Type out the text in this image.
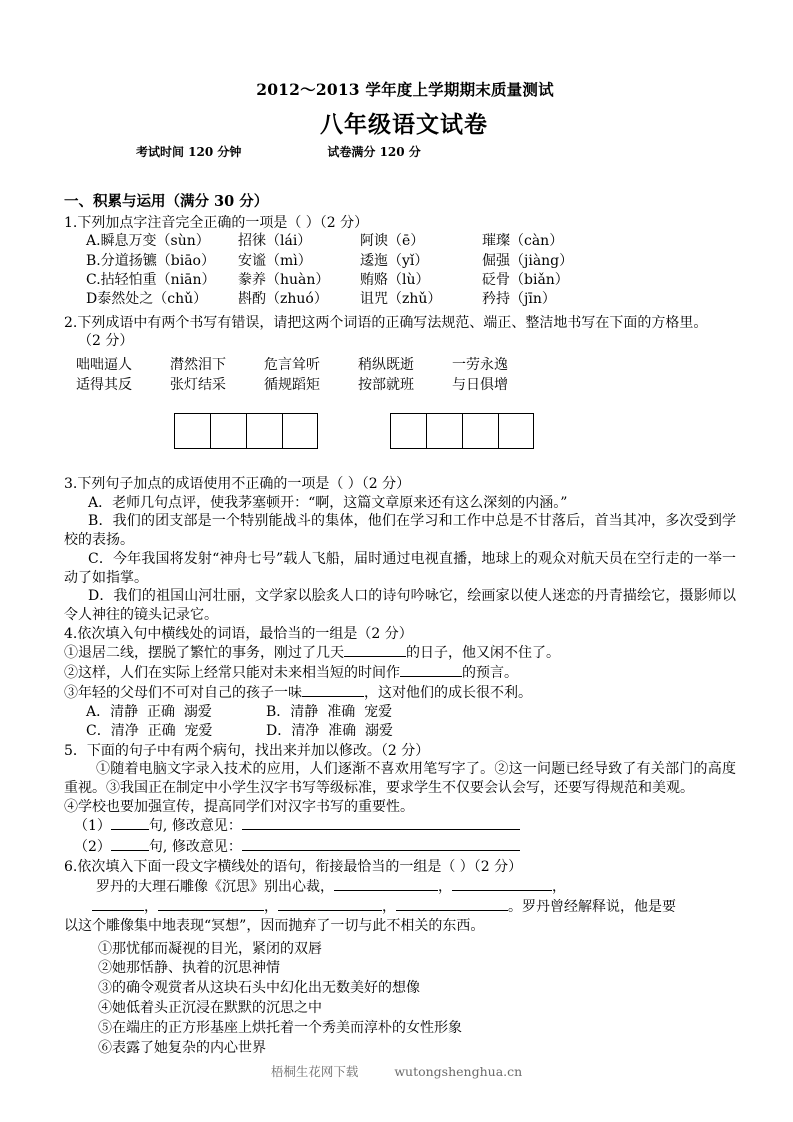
2012～2013 学年度上学期期末质量测试
八年级语文试卷
考试时间 120 分钟	试卷满分 120 分
一、积累与运用（满分 30 分）
1.下列加点字注音完全正确的一项是（ ）（2 分）
A.瞬息万变（sùn） 招徕（lái）	阿谀（ē）	璀璨（càn）
B.分道扬镳（biāo） 安谧（mì）	逶迤（yǐ）	倔强（jiàng）
C.拈轻怕重（niān） 豢养（huàn） 贿赂（lù）	砭骨（biǎn）
D泰然处之（chǔ） 斟酌（zhuó） 诅咒（zhǔ）	矜持（jīn）
2.下列成语中有两个书写有错误，请把这两个词语的正确写法规范、端正、整洁地书写在下面的方格里。
（2 分）
咄咄逼人	潸然泪下	危言耸听	稍纵既逝	一劳永逸
适得其反	张灯结采	循规蹈矩	按部就班	与日俱增
3.下列句子加点的成语使用不正确的一项是（ ）（2 分）
A．老师几句点评，使我茅塞顿开：“啊，这篇文章原来还有这么深刻的内涵。”
B．我们的团支部是一个特别能战斗的集体，他们在学习和工作中总是不甘落后，首当其冲，多次受到学校的表扬。
C．今年我国将发射“神舟七号”载人飞船，届时通过电视直播，地球上的观众对航天员在空行走的一举一动了如指掌。
D．我们的祖国山河壮丽，文学家以脍炙人口的诗句吟咏它，绘画家以使人迷恋的丹青描绘它，摄影师以令人神往的镜头记录它。
4.依次填入句中横线处的词语，最恰当的一组是（2 分）
①退居二线，摆脱了繁忙的事务，刚过了几天	的日子，他又闲不住了。
②这样，人们在实际上经常只能对未来相当短的时间作	的预言。
③年轻的父母们不可对自己的孩子一味	，这对他们的成长很不利。
A．清静  正确  溺爱	B．清静  准确  宠爱
C．清净  正确  宠爱	D．清净  准确  溺爱
5．下面的句子中有两个病句，找出来并加以修改。（2 分）
①随着电脑文字录入技术的应用，人们逐渐不喜欢用笔写字了。②这一问题已经导致了有关部门的高度重视。③我国正在制定中小学生汉字书写等级标准，要求学生不仅要会认会写，还要写得规范和美观。
④学校也要加强宣传，提高同学们对汉字书写的重要性。
（1）	句, 修改意见：
（2）	句, 修改意见：
6.依次填入下面一段文字横线处的语句，衔接最恰当的一组是（ ）（2 分）
罗丹的大理石雕像《沉思》别出心裁，	，	，
，	，	，	。罗丹曾经解释说，他是要
以这个雕像集中地表现“冥想”，因而抛弃了一切与此不相关的东西。
①那忧郁而凝视的目光，紧闭的双唇
②她那恬静、执着的沉思神情
③的确令观赏者从这块石头中幻化出无数美好的想像
④她低着头正沉浸在默默的沉思之中
⑤在端庄的正方形基座上烘托着一个秀美而淳朴的女性形象
⑥表露了她复杂的内心世界
梧桐生花网下载	wutongshenghua.cn
